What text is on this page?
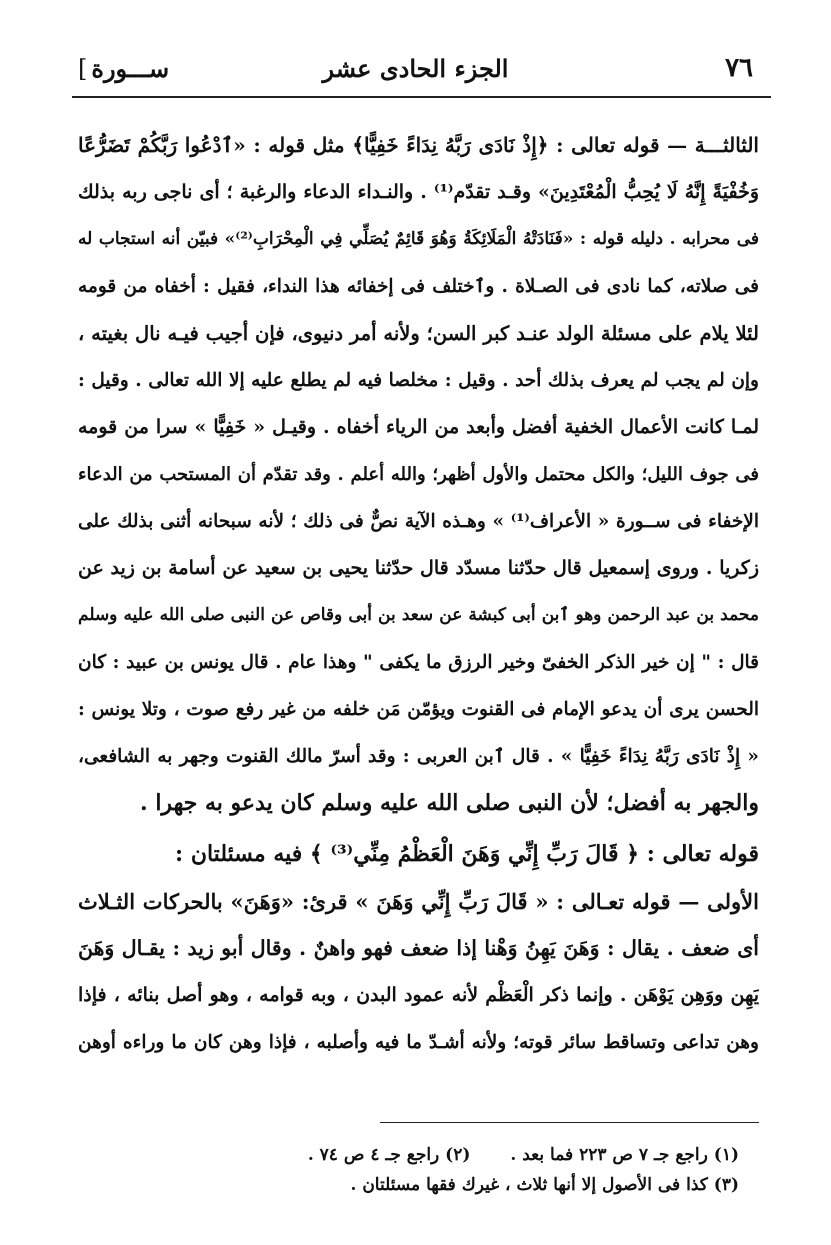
٧٦
الجزء الحادى عشر
ســـورة]
الثالثـــة — قوله تعالى : ﴿إِذْ نَادَى رَبَّهُ نِدَاءً خَفِيًّا﴾ مثل قوله : «ٱدْعُوا رَبَّكُمْ تَضَرُّعًا
وَخُفْيَةً إِنَّهُ لَا يُحِبُّ الْمُعْتَدِينَ» وقـد تقدّم⁽¹⁾ . والنـداء الدعاء والرغبة ؛ أى ناجى ربه بذلك
فى محرابه . دليله قوله : «فَنَادَتْهُ الْمَلَائِكَةُ وَهُوَ قَائِمٌ يُصَلِّي فِي الْمِحْرَابِ⁽²⁾» فبيّن أنه استجاب له
فى صلاته، كما نادى فى الصـلاة . وٱختلف فى إخفائه هذا النداء، فقيل : أخفاه من قومه
لئلا يلام على مسئلة الولد عنـد كبر السن؛ ولأنه أمر دنيوى، فإن أجيب فيـه نال بغيته ،
وإن لم يجب لم يعرف بذلك أحد . وقيل : مخلصا فيه لم يطلع عليه إلا الله تعالى . وقيل :
لمـا كانت الأعمال الخفية أفضل وأبعد من الرياء أخفاه . وقيـل « خَفِيًّا » سرا من قومه
فى جوف الليل؛ والكل محتمل والأول أظهر؛ والله أعلم . وقد تقدّم أن المستحب من الدعاء
الإخفاء فى ســورة « الأعراف⁽¹⁾ » وهـذه الآية نصٌّ فى ذلك ؛ لأنه سبحانه أثنى بذلك على
زكريا . وروى إسمعيل قال حدّثنا مسدّد قال حدّثنا يحيى بن سعيد عن أسامة بن زيد عن
محمد بن عبد الرحمن وهو ٱبن أبى كبشة عن سعد بن أبى وقاص عن النبى صلى الله عليه وسلم
قال : " إن خير الذكر الخفىّ وخير الرزق ما يكفى " وهذا عام . قال يونس بن عبيد : كان
الحسن يرى أن يدعو الإمام فى القنوت ويؤمّن مَن خلفه من غير رفع صوت ، وتلا يونس :
« إِذْ نَادَى رَبَّهُ نِدَاءً خَفِيًّا » . قال ٱبن العربى : وقد أسرّ مالك القنوت وجهر به الشافعى،
والجهر به أفضل؛ لأن النبى صلى الله عليه وسلم كان يدعو به جهرا .
قوله تعالى : ﴿ قَالَ رَبِّ إِنِّي وَهَنَ الْعَظْمُ مِنِّي⁽³⁾ ﴾ فيه مسئلتان :
الأولى — قوله تعـالى : « قَالَ رَبِّ إِنِّي وَهَنَ » قرئ: «وَهَنَ» بالحركات الثـلاث
أى ضعف . يقال : وَهَنَ يَهِنُ وَهْنا إذا ضعف فهو واهنٌ . وقال أبو زيد : يقـال وَهَنَ
يَهِن ووَهِن يَوْهَن . وإنما ذكر الْعَظْم لأنه عمود البدن ، وبه قوامه ، وهو أصل بنائه ، فإذا
وهن تداعى وتساقط سائر قوته؛ ولأنه أشـدّ ما فيه وأصلبه ، فإذا وهن كان ما وراءه أوهن
(١) راجع جـ ٧ ص ٢٢٣ فما بعد .
(٢) راجع جـ ٤ ص ٧٤ .
(٣) كذا فى الأصول إلا أنها ثلاث ، غيرك فقها مسئلتان .
